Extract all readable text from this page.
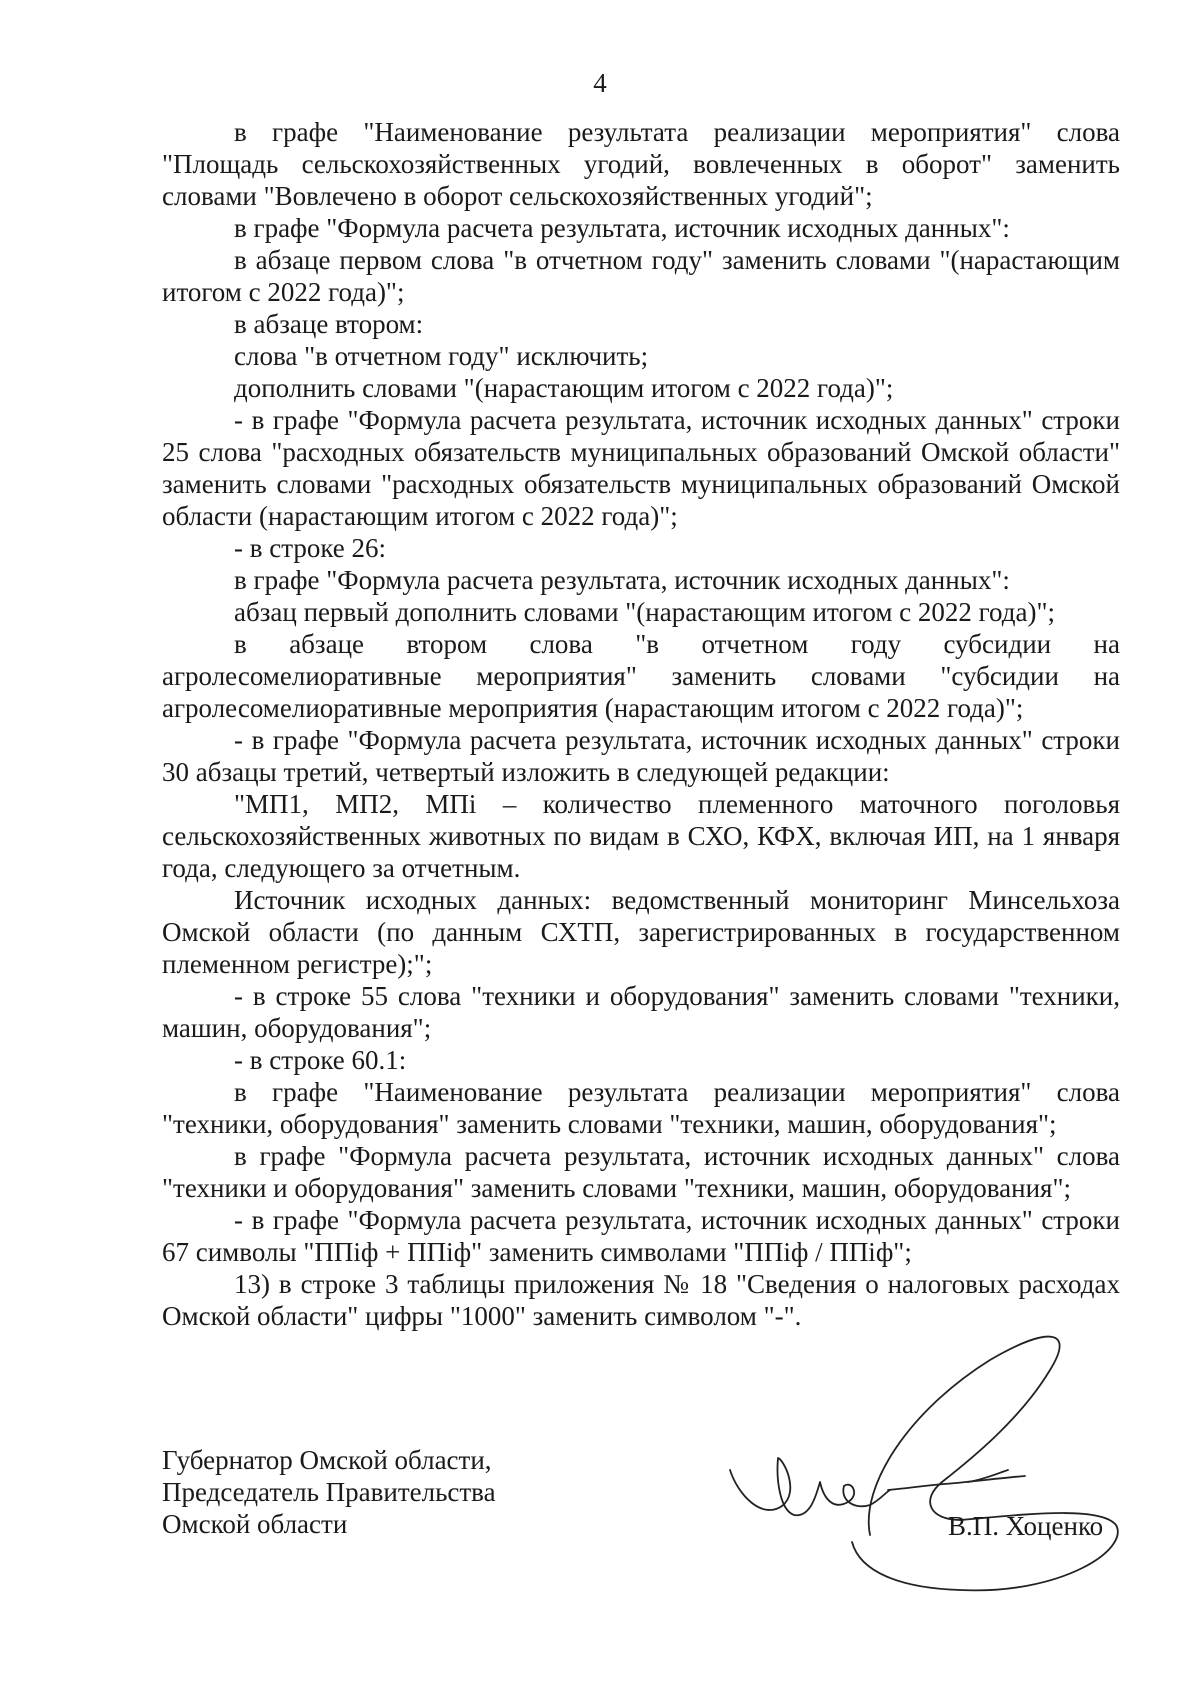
4

в графе "Наименование результата реализации мероприятия" слова "Площадь сельскохозяйственных угодий, вовлеченных в оборот" заменить словами "Вовлечено в оборот сельскохозяйственных угодий";

в графе "Формула расчета результата, источник исходных данных":

в абзаце первом слова "в отчетном году" заменить словами "(нарастающим итогом с 2022 года)";

в абзаце втором:

слова "в отчетном году" исключить;

дополнить словами "(нарастающим итогом с 2022 года)";

- в графе "Формула расчета результата, источник исходных данных" строки 25 слова "расходных обязательств муниципальных образований Омской области" заменить словами "расходных обязательств муниципальных образований Омской области (нарастающим итогом с 2022 года)";

- в строке 26:

в графе "Формула расчета результата, источник исходных данных":

абзац первый дополнить словами "(нарастающим итогом с 2022 года)";

в абзаце втором слова "в отчетном году субсидии на агролесомелиоративные мероприятия" заменить словами "субсидии на агролесомелиоративные мероприятия (нарастающим итогом с 2022 года)";

- в графе "Формула расчета результата, источник исходных данных" строки 30 абзацы третий, четвертый изложить в следующей редакции:

"МП1, МП2, МПі – количество племенного маточного поголовья сельскохозяйственных животных по видам в СХО, КФХ, включая ИП, на 1 января года, следующего за отчетным.

Источник исходных данных: ведомственный мониторинг Минсельхоза Омской области (по данным СХТП, зарегистрированных в государственном племенном регистре);";

- в строке 55 слова "техники и оборудования" заменить словами "техники, машин, оборудования";

- в строке 60.1:

в графе "Наименование результата реализации мероприятия" слова "техники, оборудования" заменить словами "техники, машин, оборудования";

в графе "Формула расчета результата, источник исходных данных" слова "техники и оборудования" заменить словами "техники, машин, оборудования";

- в графе "Формула расчета результата, источник исходных данных" строки 67 символы "ППіф + ППіф" заменить символами "ППіф / ППіф";

13) в строке 3 таблицы приложения № 18 "Сведения о налоговых расходах Омской области" цифры "1000" заменить символом "-".

Губернатор Омской области,
Председатель Правительства
Омской области	В.П. Хоценко
